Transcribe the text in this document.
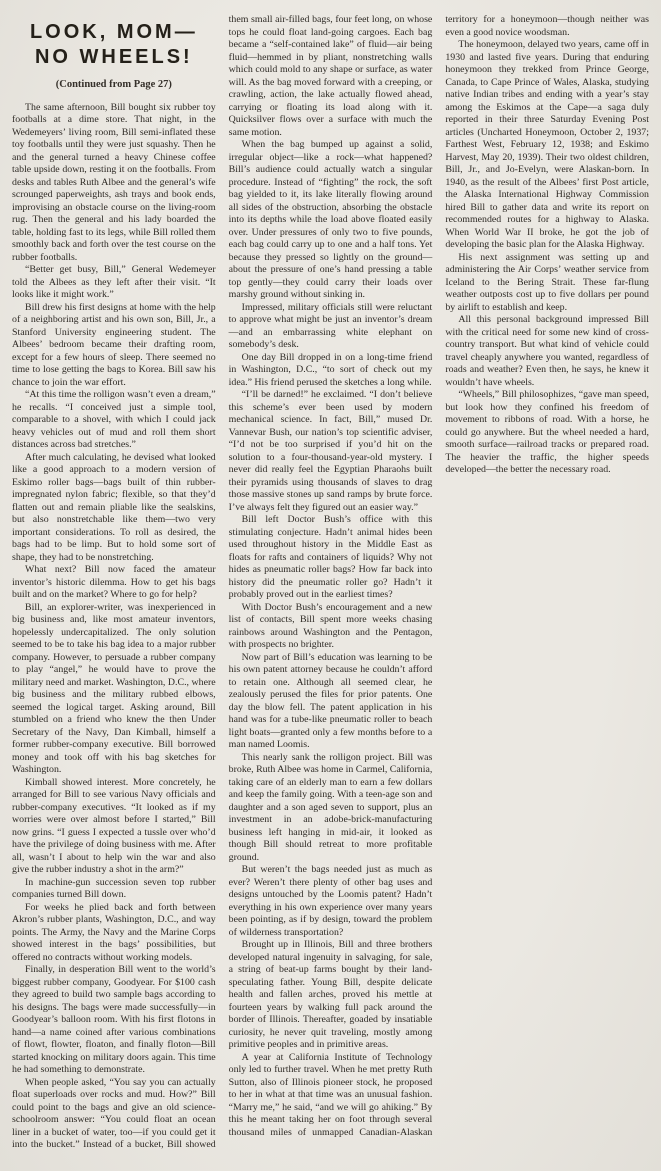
LOOK, MOM—
NO WHEELS!
(Continued from Page 27)

The same afternoon, Bill bought six rubber toy footballs at a dime store. That night, in the Wedemeyers’ living room, Bill semi-inflated these toy footballs until they were just squashy. Then he and the general turned a heavy Chinese coffee table upside down, resting it on the footballs. From desks and tables Ruth Albee and the general’s wife scrounged paperweights, ash trays and book ends, improvising an obstacle course on the living-room rug. Then the general and his lady boarded the table, holding fast to its legs, while Bill rolled them smoothly back and forth over the test course on the rubber footballs.

“Better get busy, Bill,” General Wedemeyer told the Albees as they left after their visit. “It looks like it might work.”

Bill drew his first designs at home with the help of a neighboring artist and his own son, Bill, Jr., a Stanford University engineering student. The Albees’ bedroom became their drafting room, except for a few hours of sleep. There seemed no time to lose getting the bags to Korea. Bill saw his chance to join the war effort.

“At this time the rolligon wasn’t even a dream,” he recalls. “I conceived just a simple tool, comparable to a shovel, with which I could jack heavy vehicles out of mud and roll them short distances across bad stretches.”

After much calculating, he devised what looked like a good approach to a modern version of Eskimo roller bags—bags built of thin rubber-impregnated nylon fabric; flexible, so that they’d flatten out and remain pliable like the sealskins, but also nonstretchable like them—two very important considerations. To roll as desired, the bags had to be limp. But to hold some sort of shape, they had to be nonstretching.

What next? Bill now faced the amateur inventor’s historic dilemma. How to get his bags built and on the market? Where to go for help?

Bill, an explorer-writer, was inexperienced in big business and, like most amateur inventors, hopelessly undercapitalized. The only solution seemed to be to take his bag idea to a major rubber company. However, to persuade a rubber company to play “angel,” he would have to prove the military need and market. Washington, D.C., where big business and the military rubbed elbows, seemed the logical target. Asking around, Bill stumbled on a friend who knew the then Under Secretary of the Navy, Dan Kimball, himself a former rubber-company executive. Bill borrowed money and took off with his bag sketches for Washington.

Kimball showed interest. More concretely, he arranged for Bill to see various Navy officials and rubber-company executives. “It looked as if my worries were over almost before I started,” Bill now grins. “I guess I expected a tussle over who’d have the privilege of doing business with me. After all, wasn’t I about to help win the war and also give the rubber industry a shot in the arm?”

In machine-gun succession seven top rubber companies turned Bill down.

For weeks he plied back and forth between Akron’s rubber plants, Washington, D.C., and way points. The Army, the Navy and the Marine Corps showed interest in the bags’ possibilities, but offered no contracts without working models.

Finally, in desperation Bill went to the world’s biggest rubber company, Goodyear. For $100 cash they agreed to build two sample bags according to his designs. The bags were made successfully—in Goodyear’s balloon room. With his first flotons in hand—a name coined after various combinations of flowt, flowter, floaton, and finally floton—Bill started knocking on military doors again. This time he had something to demonstrate.

When people asked, “You say you can actually float superloads over rocks and mud. How?” Bill could point to the bags and give an old science-schoolroom answer: “You could float an ocean liner in a bucket of water, too—if you could get it into the bucket.” Instead of a bucket, Bill showed them small air-filled bags, four feet long, on whose tops he could float land-going cargoes. Each bag became a “self-contained lake” of fluid—air being fluid—hemmed in by pliant, nonstretching walls which could mold to any shape or surface, as water will. As the bag moved forward with a creeping, or crawling, action, the lake actually flowed ahead, carrying or floating its load along with it. Quicksilver flows over a surface with much the same motion.

When the bag bumped up against a solid, irregular object—like a rock—what happened? Bill’s audience could actually watch a singular procedure. Instead of “fighting” the rock, the soft bag yielded to it, its lake literally flowing around all sides of the obstruction, absorbing the obstacle into its depths while the load above floated easily over. Under pressures of only two to five pounds, each bag could carry up to one and a half tons. Yet because they pressed so lightly on the ground—about the pressure of one’s hand pressing a table top gently—they could carry their loads over marshy ground without sinking in.

Impressed, military officials still were reluctant to approve what might be just an inventor’s dream—and an embarrassing white elephant on somebody’s desk.

One day Bill dropped in on a long-time friend in Washington, D.C., “to sort of check out my idea.” His friend perused the sketches a long while.

“I’ll be darned!” he exclaimed. “I don’t believe this scheme’s ever been used by modern mechanical science. In fact, Bill,” mused Dr. Vannevar Bush, our nation’s top scientific adviser, “I’d not be too surprised if you’d hit on the solution to a four-thousand-year-old mystery. I never did really feel the Egyptian Pharaohs built their pyramids using thousands of slaves to drag those massive stones up sand ramps by brute force. I’ve always felt they figured out an easier way.”

Bill left Doctor Bush’s office with this stimulating conjecture. Hadn’t animal hides been used throughout history in the Middle East as floats for rafts and containers of liquids? Why not hides as pneumatic roller bags? How far back into history did the pneumatic roller go? Hadn’t it probably proved out in the earliest times?

With Doctor Bush’s encouragement and a new list of contacts, Bill spent more weeks chasing rainbows around Washington and the Pentagon, with prospects no brighter.

Now part of Bill’s education was learning to be his own patent attorney because he couldn’t afford to retain one. Although all seemed clear, he zealously perused the files for prior patents. One day the blow fell. The patent application in his hand was for a tube-like pneumatic roller to beach light boats—granted only a few months before to a man named Loomis.

This nearly sank the rolligon project. Bill was broke, Ruth Albee was home in Carmel, California, taking care of an elderly man to earn a few dollars and keep the family going. With a teen-age son and daughter and a son aged seven to support, plus an investment in an adobe-brick-manufacturing business left hanging in mid-air, it looked as though Bill should retreat to more profitable ground.

But weren’t the bags needed just as much as ever? Weren’t there plenty of other bag uses and designs untouched by the Loomis patent? Hadn’t everything in his own experience over many years been pointing, as if by design, toward the problem of wilderness transportation?

Brought up in Illinois, Bill and three brothers developed natural ingenuity in salvaging, for sale, a string of beat-up farms bought by their land-speculating father. Young Bill, despite delicate health and fallen arches, proved his mettle at fourteen years by walking full pack around the border of Illinois. Thereafter, goaded by insatiable curiosity, he never quit traveling, mostly among primitive peoples and in primitive areas.

A year at California Institute of Technology only led to further travel. When he met pretty Ruth Sutton, also of Illinois pioneer stock, he proposed to her in what at that time was an unusual fashion. “Marry me,” he said, “and we will go ahiking.” By this he meant taking her on foot through several thousand miles of unmapped Canadian-Alaskan territory for a honeymoon—though neither was even a good novice woodsman.

The honeymoon, delayed two years, came off in 1930 and lasted five years. During that enduring honeymoon they trekked from Prince George, Canada, to Cape Prince of Wales, Alaska, studying native Indian tribes and ending with a year’s stay among the Eskimos at the Cape—a saga duly reported in their three Saturday Evening Post articles (Uncharted Honeymoon, October 2, 1937; Farthest West, February 12, 1938; and Eskimo Harvest, May 20, 1939). Their two oldest children, Bill, Jr., and Jo-Evelyn, were Alaskan-born. In 1940, as the result of the Albees’ first Post article, the Alaska International Highway Commission hired Bill to gather data and write its report on recommended routes for a highway to Alaska. When World War II broke, he got the job of developing the basic plan for the Alaska Highway.

His next assignment was setting up and administering the Air Corps’ weather service from Iceland to the Bering Strait. These far-flung weather outposts cost up to five dollars per pound by airlift to establish and keep.

All this personal background impressed Bill with the critical need for some new kind of cross-country transport. But what kind of vehicle could travel cheaply anywhere you wanted, regardless of roads and weather? Even then, he says, he knew it wouldn’t have wheels.

“Wheels,” Bill philosophizes, “gave man speed, but look how they confined his freedom of movement to ribbons of road. With a horse, he could go anywhere. But the wheel needed a hard, smooth surface—railroad tracks or prepared road. The heavier the traffic, the higher speeds developed—the better the necessary road.
